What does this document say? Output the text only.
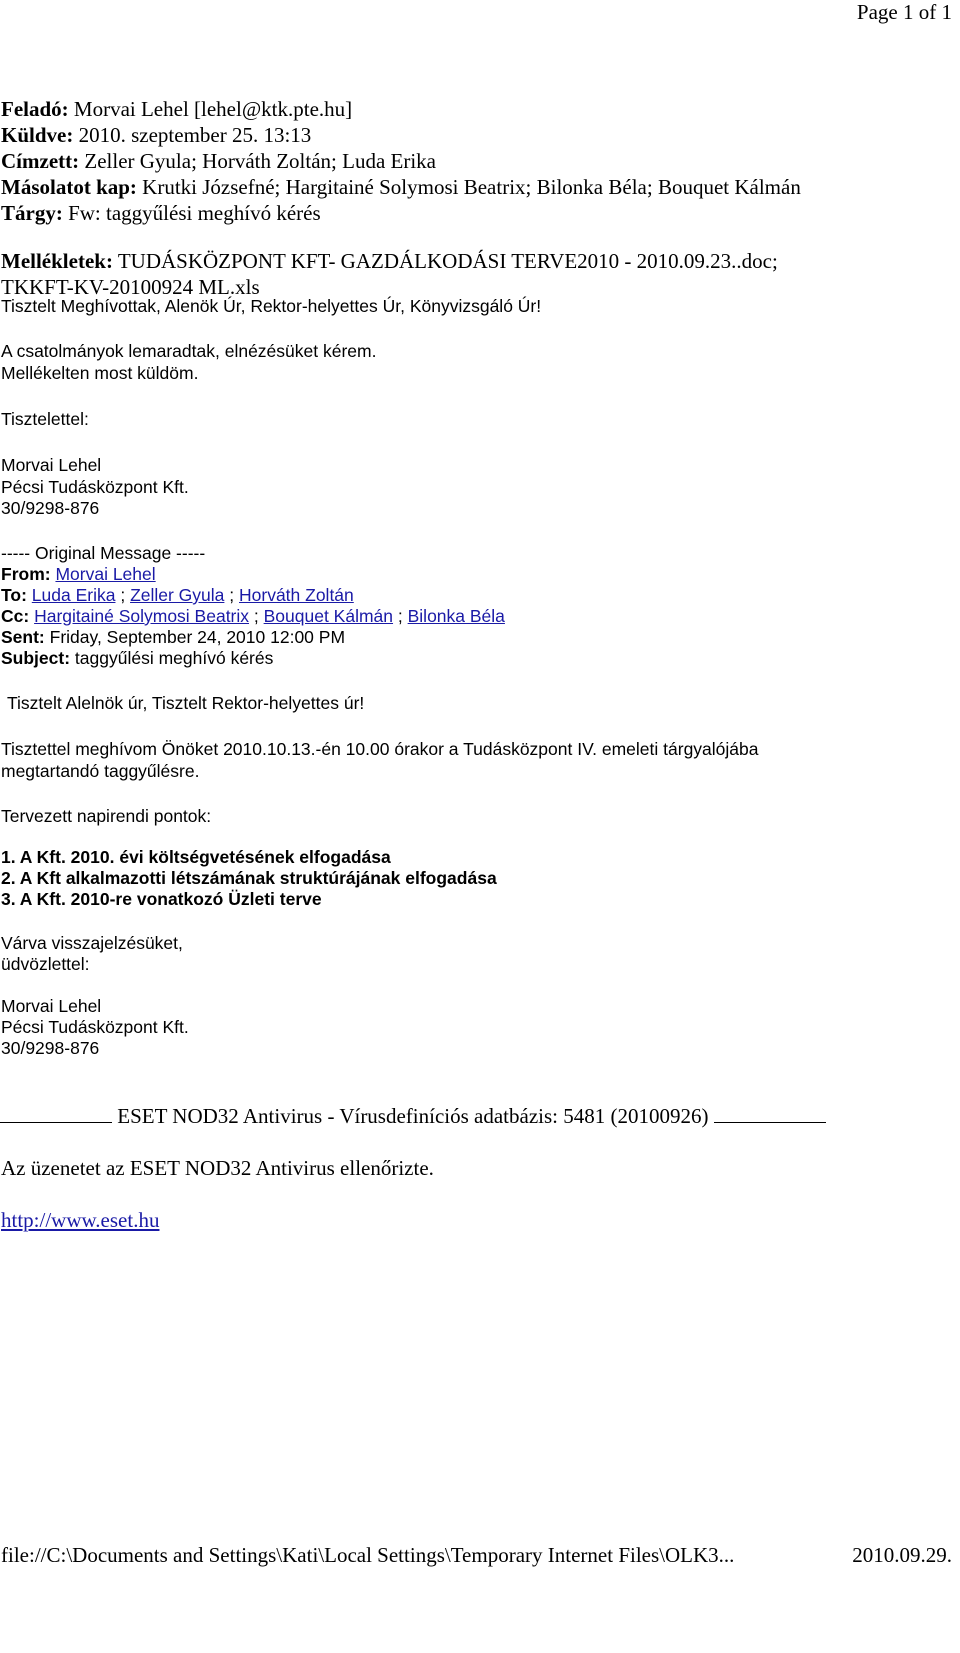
Page 1 of 1
Feladó: Morvai Lehel [lehel@ktk.pte.hu]
Küldve: 2010. szeptember 25. 13:13
Címzett: Zeller Gyula; Horváth Zoltán; Luda Erika
Másolatot kap: Krutki Józsefné; Hargitainé Solymosi Beatrix; Bilonka Béla; Bouquet Kálmán
Tárgy: Fw: taggyűlési meghívó kérés
Mellékletek: TUDÁSKÖZPONT KFT- GAZDÁLKODÁSI TERVE2010 - 2010.09.23..doc;
TKKFT-KV-20100924 ML.xls
Tisztelt Meghívottak, Alenök Úr, Rektor-helyettes Úr, Könyvizsgáló Úr!
A csatolmányok lemaradtak, elnézésüket kérem.
Mellékelten most küldöm.
Tisztelettel:
Morvai Lehel
Pécsi Tudásközpont Kft.
30/9298-876
----- Original Message -----
From: Morvai Lehel
To: Luda Erika ; Zeller Gyula ; Horváth Zoltán
Cc: Hargitainé Solymosi Beatrix ; Bouquet Kálmán ; Bilonka Béla
Sent: Friday, September 24, 2010 12:00 PM
Subject: taggyűlési meghívó kérés
Tisztelt Alelnök úr, Tisztelt Rektor-helyettes úr!
Tisztettel meghívom Önöket 2010.10.13.-én 10.00 órakor a Tudásközpont IV. emeleti tárgyalójába
megtartandó taggyűlésre.
Tervezett napirendi pontok:
1. A Kft. 2010. évi költségvetésének elfogadása
2. A Kft alkalmazotti létszámának struktúrájának elfogadása
3. A Kft. 2010-re vonatkozó Üzleti terve
Várva visszajelzésüket,
üdvözlettel:
Morvai Lehel
Pécsi Tudásközpont Kft.
30/9298-876
ESET NOD32 Antivirus - Vírusdefiníciós adatbázis: 5481 (20100926)
Az üzenetet az ESET NOD32 Antivirus ellenőrizte.
http://www.eset.hu
file://C:\Documents and Settings\Kati\Local Settings\Temporary Internet Files\OLK3...	2010.09.29.
